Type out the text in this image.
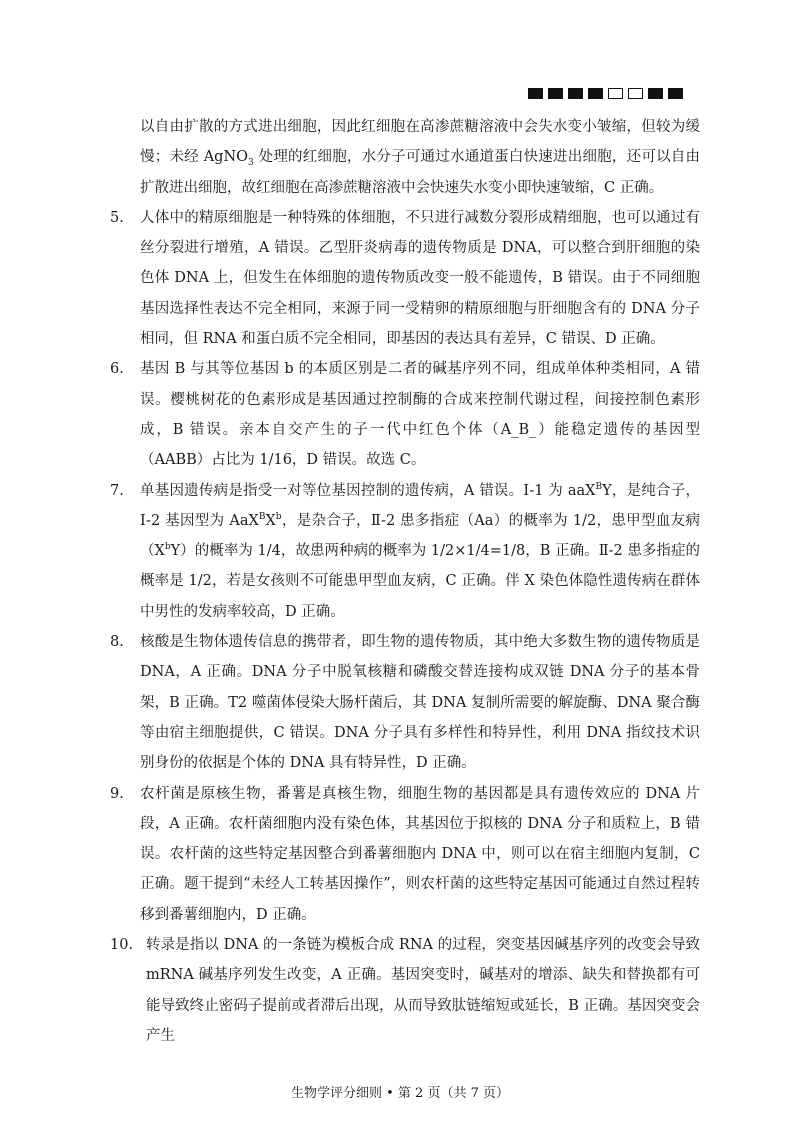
以自由扩散的方式进出细胞，因此红细胞在高渗蔗糖溶液中会失水变小皱缩，但较为缓慢；未经 AgNO$_3$ 处理的红细胞，水分子可通过水通道蛋白快速进出细胞，还可以自由扩散进出细胞，故红细胞在高渗蔗糖溶液中会快速失水变小即快速皱缩，C 正确。

5.	人体中的精原细胞是一种特殊的体细胞，不只进行减数分裂形成精细胞，也可以通过有丝分裂进行增殖，A 错误。乙型肝炎病毒的遗传物质是 DNA，可以整合到肝细胞的染色体 DNA 上，但发生在体细胞的遗传物质改变一般不能遗传，B 错误。由于不同细胞基因选择性表达不完全相同，来源于同一受精卵的精原细胞与肝细胞含有的 DNA 分子相同，但 RNA 和蛋白质不完全相同，即基因的表达具有差异，C 错误、D 正确。
6.	基因 B 与其等位基因 b 的本质区别是二者的碱基序列不同，组成单体种类相同，A 错误。樱桃树花的色素形成是基因通过控制酶的合成来控制代谢过程，间接控制色素形成，B 错误。亲本自交产生的子一代中红色个体（A_B_）能稳定遗传的基因型（AABB）占比为 1/16，D 错误。故选 C。
7.	单基因遗传病是指受一对等位基因控制的遗传病，A 错误。Ⅰ-1 为 aaX$^B$Y，是纯合子，Ⅰ-2 基因型为 $AaX^BX^b$，是杂合子，Ⅱ-2 患多指症（Aa）的概率为 1/2，患甲型血友病$(X^bY)$的概率为 1/4，故患两种病的概率为 1/2×1/4=1/8，B 正确。Ⅱ-2 患多指症的概率是 1/2，若是女孩则不可能患甲型血友病，C 正确。伴 X 染色体隐性遗传病在群体中男性的发病率较高，D 正确。
8.	核酸是生物体遗传信息的携带者，即生物的遗传物质，其中绝大多数生物的遗传物质是 DNA，A 正确。DNA 分子中脱氧核糖和磷酸交替连接构成双链 DNA 分子的基本骨架，B 正确。T2 噬菌体侵染大肠杆菌后，其 DNA 复制所需要的解旋酶、DNA 聚合酶等由宿主细胞提供，C 错误。DNA 分子具有多样性和特异性，利用 DNA 指纹技术识别身份的依据是个体的 DNA 具有特异性，D 正确。
9.	农杆菌是原核生物，番薯是真核生物，细胞生物的基因都是具有遗传效应的 DNA 片段，A 正确。农杆菌细胞内没有染色体，其基因位于拟核的 DNA 分子和质粒上，B 错误。农杆菌的这些特定基因整合到番薯细胞内 DNA 中，则可以在宿主细胞内复制，C 正确。题干提到“未经人工转基因操作”，则农杆菌的这些特定基因可能通过自然过程转移到番薯细胞内，D 正确。
10. 转录是指以 DNA 的一条链为模板合成 RNA 的过程，突变基因碱基序列的改变会导致 mRNA 碱基序列发生改变，A 正确。基因突变时，碱基对的增添、缺失和替换都有可能导致终止密码子提前或者滞后出现，从而导致肽链缩短或延长，B 正确。基因突变会产生
生物学评分细则 • 第 2 页（共 7 页）
